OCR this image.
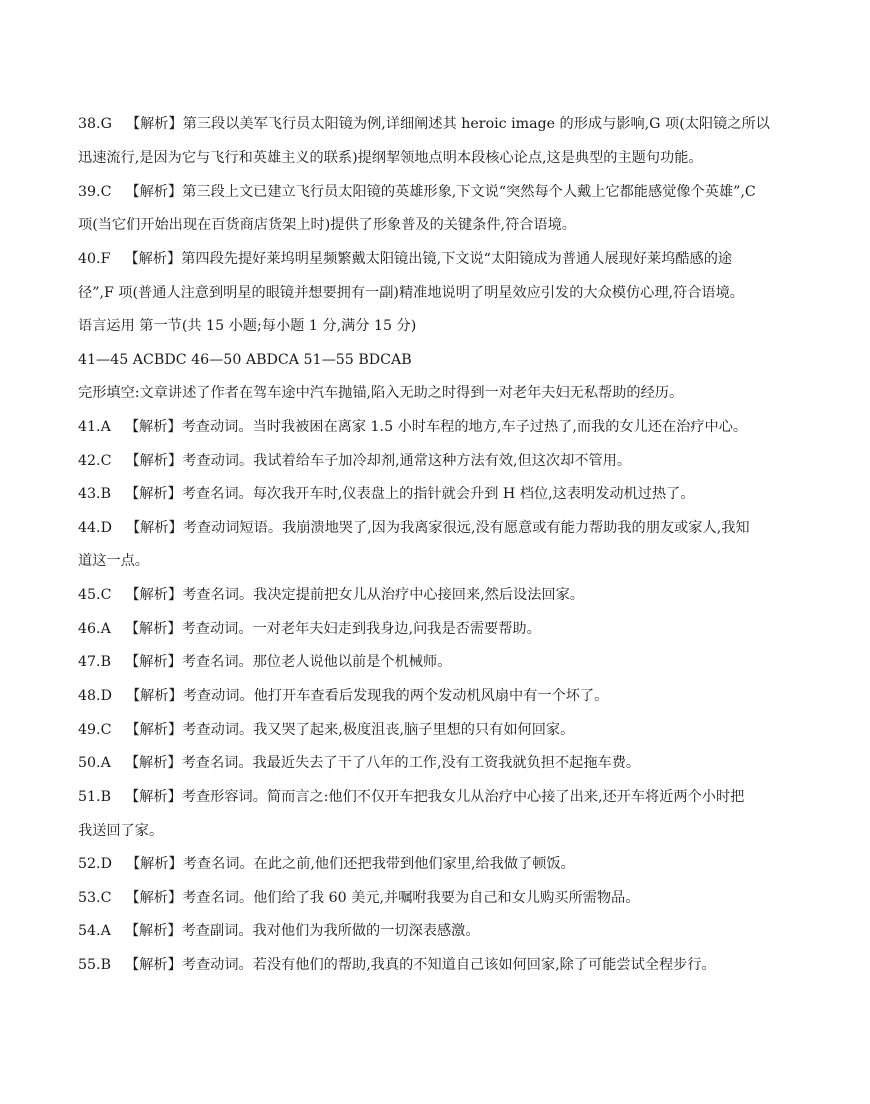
38.G 【解析】第三段以美军飞行员太阳镜为例,详细阐述其 heroic image 的形成与影响,G 项(太阳镜之所以
迅速流行,是因为它与飞行和英雄主义的联系)提纲挈领地点明本段核心论点,这是典型的主题句功能。
39.C 【解析】第三段上文已建立飞行员太阳镜的英雄形象,下文说“突然每个人戴上它都能感觉像个英雄”,C
项(当它们开始出现在百货商店货架上时)提供了形象普及的关键条件,符合语境。
40.F 【解析】第四段先提好莱坞明星频繁戴太阳镜出镜,下文说“太阳镜成为普通人展现好莱坞酷感的途
径”,F 项(普通人注意到明星的眼镜并想要拥有一副)精准地说明了明星效应引发的大众模仿心理,符合语境。
语言运用 第一节(共 15 小题;每小题 1 分,满分 15 分)
41—45 ACBDC 46—50 ABDCA 51—55 BDCAB
完形填空:文章讲述了作者在驾车途中汽车抛锚,陷入无助之时得到一对老年夫妇无私帮助的经历。
41.A 【解析】考查动词。当时我被困在离家 1.5 小时车程的地方,车子过热了,而我的女儿还在治疗中心。
42.C 【解析】考查动词。我试着给车子加冷却剂,通常这种方法有效,但这次却不管用。
43.B 【解析】考查名词。每次我开车时,仪表盘上的指针就会升到 H 档位,这表明发动机过热了。
44.D 【解析】考查动词短语。我崩溃地哭了,因为我离家很远,没有愿意或有能力帮助我的朋友或家人,我知
道这一点。
45.C 【解析】考查名词。我决定提前把女儿从治疗中心接回来,然后设法回家。
46.A 【解析】考查动词。一对老年夫妇走到我身边,问我是否需要帮助。
47.B 【解析】考查名词。那位老人说他以前是个机械师。
48.D 【解析】考查动词。他打开车查看后发现我的两个发动机风扇中有一个坏了。
49.C 【解析】考查动词。我又哭了起来,极度沮丧,脑子里想的只有如何回家。
50.A 【解析】考查名词。我最近失去了干了八年的工作,没有工资我就负担不起拖车费。
51.B 【解析】考查形容词。简而言之:他们不仅开车把我女儿从治疗中心接了出来,还开车将近两个小时把
我送回了家。
52.D 【解析】考查名词。在此之前,他们还把我带到他们家里,给我做了顿饭。
53.C 【解析】考查名词。他们给了我 60 美元,并嘱咐我要为自己和女儿购买所需物品。
54.A 【解析】考查副词。我对他们为我所做的一切深表感激。
55.B 【解析】考查动词。若没有他们的帮助,我真的不知道自己该如何回家,除了可能尝试全程步行。
